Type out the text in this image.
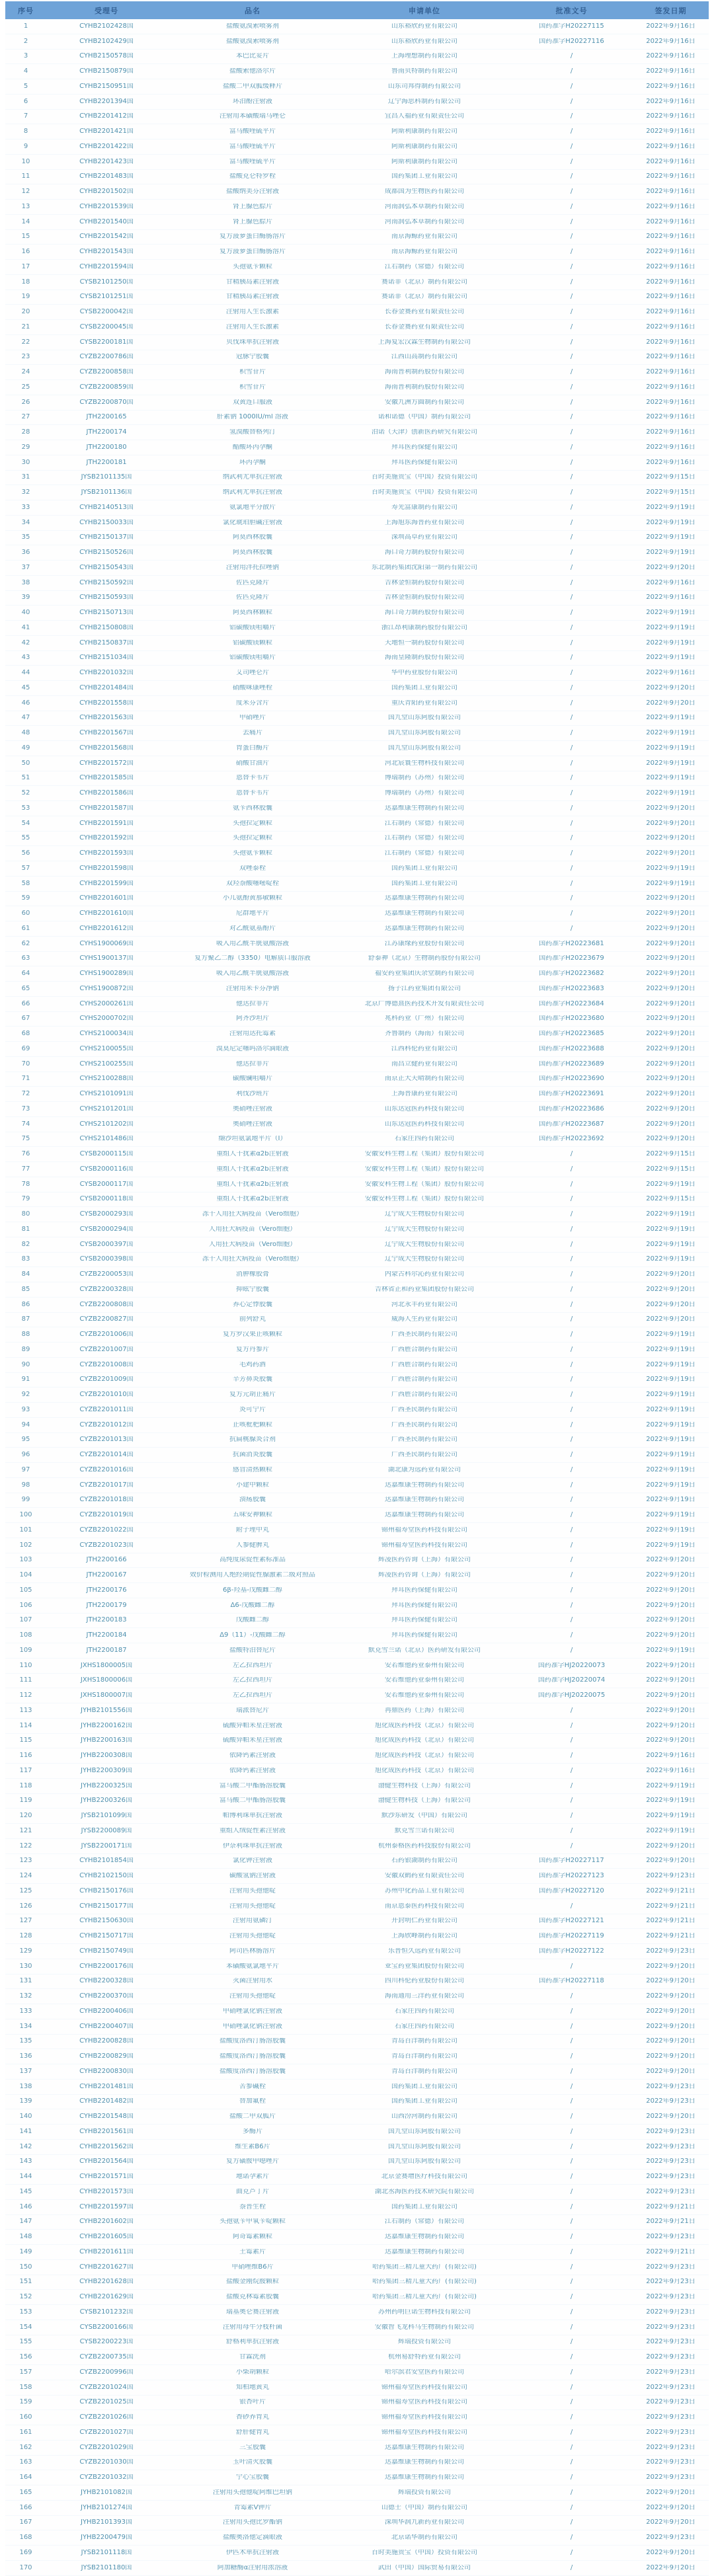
序号	受理号	品名	申请单位	批准文号	签发日期
1	CYHB2102428国	盐酸氨溴索喷雾剂	山东裕欣药业有限公司	国药准字H20227115	2022年9月16日
2	CYHB2102429国	盐酸氨溴索喷雾剂	山东裕欣药业有限公司	国药准字H20227116	2022年9月16日
3	CYHB2150578国	苯巴比妥片	上海理想制药有限公司	/	2022年9月16日
4	CYHB2150879国	盐酸索他洛尔片	鲁南贝特制药有限公司	/	2022年9月16日
5	CYHB2150951国	盐酸二甲双胍缓释片	山东司邦得制药有限公司	/	2022年9月16日
6	CYHB2201394国	环泊酚注射液	辽宁海思科制药有限公司	/	2022年9月16日
7	CYHB2201412国	注射用苯磺酸瑞马唑仑	宜昌人福药业有限责任公司	/	2022年9月16日
8	CYHB2201421国	富马酸喹硫平片	阿斯利康制药有限公司	/	2022年9月16日
9	CYHB2201422国	富马酸喹硫平片	阿斯利康制药有限公司	/	2022年9月16日
10	CYHB2201423国	富马酸喹硫平片	阿斯利康制药有限公司	/	2022年9月16日
11	CYHB2201483国	盐酸克仑特罗栓	国药集团工业有限公司	/	2022年9月16日
12	CYHB2201502国	盐酸纳美芬注射液	成都国为生物医药有限公司	/	2022年9月16日
13	CYHB2201539国	肾上腺色腙片	河南润弘本草制药有限公司	/	2022年9月16日
14	CYHB2201540国	肾上腺色腙片	河南润弘本草制药有限公司	/	2022年9月16日
15	CYHB2201542国	复方菠萝蛋白酶肠溶片	南京海鲸药业有限公司	/	2022年9月16日
16	CYHB2201543国	复方菠萝蛋白酶肠溶片	南京海鲸药业有限公司	/	2022年9月16日
17	CYHB2201594国	头孢氨苄颗粒	江右制药（常德）有限公司	/	2022年9月16日
18	CYSB2101250国	甘精胰岛素注射液	赛诺菲（北京）制药有限公司	/	2022年9月16日
19	CYSB2101251国	甘精胰岛素注射液	赛诺菲（北京）制药有限公司	/	2022年9月16日
20	CYSB2200042国	注射用人生长激素	长春金赛药业有限责任公司	/	2022年9月16日
21	CYSB2200045国	注射用人生长激素	长春金赛药业有限责任公司	/	2022年9月16日
22	CYSB2200181国	贝伐珠单抗注射液	上海复宏汉霖生物制药有限公司	/	2022年9月16日
23	CYZB2200786国	冠脉宁胶囊	江西山高制药有限公司	/	2022年9月16日
24	CYZB2200858国	积雪苷片	海南普利制药股份有限公司	/	2022年9月16日
25	CYZB2200859国	积雪苷片	海南普利制药股份有限公司	/	2022年9月16日
26	CYZB2200870国	双黄连口服液	安徽九洲方圆制药有限公司	/	2022年9月16日
27	JTH2200165	肝素钠 1000IU/ml 溶液	诺和诺德（中国）制药有限公司	/	2022年9月16日
28	JTH2200174	氢溴酸替格列汀	泊诺（天津）创新医药研究有限公司	/	2022年9月16日
29	JTH2200180	醋酸环丙孕酮	拜耳医药保健有限公司	/	2022年9月16日
30	JTH2200181	环丙孕酮	拜耳医药保健有限公司	/	2022年9月16日
31	JYSB2101135国	纳武利尤单抗注射液	百时美施贵宝（中国）投资有限公司	/	2022年9月15日
32	JYSB2101136国	纳武利尤单抗注射液	百时美施贵宝（中国）投资有限公司	/	2022年9月15日
33	CYHB2140513国	氨氯地平分散片	寿光富康制药有限公司	/	2022年9月19日
34	CYHB2150033国	氯化琥珀胆碱注射液	上海旭东海普药业有限公司	/	2022年9月19日
35	CYHB2150137国	阿莫西林胶囊	深圳高卓药业有限公司	/	2022年9月19日
36	CYHB2150526国	阿莫西林胶囊	海口奇力制药股份有限公司	/	2022年9月19日
37	CYHB2150543国	注射用泮托拉唑钠	东北制药集团沈阳第一制药有限公司	/	2022年9月20日
38	CYHB2150592国	佐匹克隆片	吉林金恒制药股份有限公司	/	2022年9月16日
39	CYHB2150593国	佐匹克隆片	吉林金恒制药股份有限公司	/	2022年9月16日
40	CYHB2150713国	阿莫西林颗粒	海口奇力制药股份有限公司	/	2022年9月19日
41	CYHB2150808国	铝碳酸镁咀嚼片	浙江昂利康制药股份有限公司	/	2022年9月19日
42	CYHB2150837国	铝碳酸镁颗粒	天地恒一制药股份有限公司	/	2022年9月19日
43	CYHB2151034国	铝碳酸镁咀嚼片	海南皇隆制药股份有限公司	/	2022年9月19日
44	CYHB2201032国	艾司唑仑片	华中药业股份有限公司	/	2022年9月16日
45	CYHB2201484国	硝酸咪康唑栓	国药集团工业有限公司	/	2022年9月20日
46	CYHB2201558国	度米芬含片	重庆青阳药业有限公司	/	2022年9月20日
47	CYHB2201563国	甲硝唑片	国九堂山东阿胶有限公司	/	2022年9月19日
48	CYHB2201567国	去痛片	国九堂山东阿胶有限公司	/	2022年9月19日
49	CYHB2201568国	胃蛋白酶片	国九堂山东阿胶有限公司	/	2022年9月19日
50	CYHB2201572国	硝酸甘油片	河北宸寰生物科技有限公司	/	2022年9月19日
51	CYHB2201585国	恩替卡韦片	博瑞制药（苏州）有限公司	/	2022年9月19日
52	CYHB2201586国	恩替卡韦片	博瑞制药（苏州）有限公司	/	2022年9月19日
53	CYHB2201587国	氨苄西林胶囊	达嘉维康生物制药有限公司	/	2022年9月20日
54	CYHB2201591国	头孢拉定颗粒	江右制药（常德）有限公司	/	2022年9月20日
55	CYHB2201592国	头孢拉定颗粒	江右制药（常德）有限公司	/	2022年9月20日
56	CYHB2201593国	头孢氨苄颗粒	江右制药（常德）有限公司	/	2022年9月20日
57	CYHB2201598国	双唑泰栓	国药集团工业有限公司	/	2022年9月19日
58	CYHB2201599国	双羟萘酸噻嘧啶栓	国药集团工业有限公司	/	2022年9月19日
59	CYHB2201601国	小儿氨酚黄那敏颗粒	达嘉维康生物制药有限公司	/	2022年9月20日
60	CYHB2201610国	尼群地平片	达嘉维康生物制药有限公司	/	2022年9月20日
61	CYHB2201612国	对乙酰氨基酚片	达嘉维康生物制药有限公司	/	2022年9月20日
62	CYHS1900069国	吸入用乙酰半胱氨酸溶液	江苏康缘药业股份有限公司	国药准字H20223681	2022年9月20日
63	CYHS1900137国	复方聚乙二醇（3350）电解质口服溶液	舒泰神（北京）生物制药股份有限公司	国药准字H20223679	2022年9月20日
64	CYHS1900289国	吸入用乙酰半胱氨酸溶液	福安药业集团庆余堂制药有限公司	国药准字H20223682	2022年9月20日
65	CYHS1900872国	注射用米卡芬净钠	扬子江药业集团有限公司	国药准字H20223683	2022年9月20日
66	CYHS2000261国	他达拉非片	北京广博德熹医药技术开发有限责任公司	国药准字H20223684	2022年9月20日
67	CYHS2000702国	阿齐沙坦片	兆科药业（广州）有限公司	国药准字H20223680	2022年9月20日
68	CYHS2100034国	注射用达托霉素	齐鲁制药（海南）有限公司	国药准字H20223685	2022年9月20日
69	CYHS2100055国	溴莫尼定噻吗洛尔滴眼液	江西科伦药业有限公司	国药准字H20223688	2022年9月20日
70	CYHS2100255国	他达拉非片	南昌立健药业有限公司	国药准字H20223689	2022年9月20日
71	CYHS2100288国	碳酸镧咀嚼片	南京正大天晴制药有限公司	国药准字H20223690	2022年9月20日
72	CYHS2101091国	利伐沙班片	上海普康药业有限公司	国药准字H20223691	2022年9月20日
73	CYHS2101201国	奥硝唑注射液	山东达冠医药科技有限公司	国药准字H20223686	2022年9月20日
74	CYHS2101202国	奥硝唑注射液	山东达冠医药科技有限公司	国药准字H20223687	2022年9月20日
75	CYHS2101486国	缬沙坦氨氯地平片（Ⅰ）	石家庄四药有限公司	国药准字H20223692	2022年9月20日
76	CYSB2000115国	重组人干扰素α2b注射液	安徽安科生物工程（集团）股份有限公司	/	2022年9月15日
77	CYSB2000116国	重组人干扰素α2b注射液	安徽安科生物工程（集团）股份有限公司	/	2022年9月15日
78	CYSB2000117国	重组人干扰素α2b注射液	安徽安科生物工程（集团）股份有限公司	/	2022年9月19日
79	CYSB2000118国	重组人干扰素α2b注射液	安徽安科生物工程（集团）股份有限公司	/	2022年9月15日
80	CYSB2000293国	冻干人用狂犬病疫苗（Vero细胞）	辽宁成大生物股份有限公司	/	2022年9月19日
81	CYSB2000294国	人用狂犬病疫苗（Vero细胞）	辽宁成大生物股份有限公司	/	2022年9月19日
82	CYSB2000397国	人用狂犬病疫苗（Vero细胞）	辽宁成大生物股份有限公司	/	2022年9月19日
83	CYSB2000398国	冻干人用狂犬病疫苗（Vero细胞）	辽宁成大生物股份有限公司	/	2022年9月19日
84	CYZB2200053国	消肿橡胶膏	内蒙古科尔沁药业有限公司	/	2022年9月20日
85	CYZB2200328国	抑眩宁胶囊	吉林省正和药业集团股份有限公司	/	2022年9月20日
86	CYZB2200808国	养心定悸胶囊	河北永丰药业有限公司	/	2022年9月20日
87	CYZB2200827国	前列舒丸	威海人生药业有限公司	/	2022年9月20日
88	CYZB2201006国	复方罗汉果止咳颗粒	广西圣民制药有限公司	/	2022年9月19日
89	CYZB2201007国	复方丹参片	广西胜合制药有限公司	/	2022年9月19日
90	CYZB2201008国	毛鸡药酒	广西胜合制药有限公司	/	2022年9月19日
91	CYZB2201009国	辛芳鼻炎胶囊	广西胜合制药有限公司	/	2022年9月19日
92	CYZB2201010国	复方元胡止痛片	广西胜合制药有限公司	/	2022年9月19日
93	CYZB2201011国	炎可宁片	广西圣民制药有限公司	/	2022年9月19日
94	CYZB2201012国	止咳枇杷颗粒	广西圣民制药有限公司	/	2022年9月19日
95	CYZB2201013国	抗扁桃腺炎合剂	广西圣民制药有限公司	/	2022年9月19日
96	CYZB2201014国	抗菌消炎胶囊	广西圣民制药有限公司	/	2022年9月19日
97	CYZB2201016国	感冒清热颗粒	湖北康为远药业有限公司	/	2022年9月19日
98	CYZB2201017国	小建中颗粒	达嘉维康生物制药有限公司	/	2022年9月19日
99	CYZB2201018国	溃疡胶囊	达嘉维康生物制药有限公司	/	2022年9月19日
100	CYZB2201019国	五味安神颗粒	达嘉维康生物制药有限公司	/	2022年9月19日
101	CYZB2201022国	附子理中丸	锦州福寿堂医药科技有限公司	/	2022年9月19日
102	CYZB2201023国	人参健脾丸	锦州福寿堂医药科技有限公司	/	2022年9月19日
103	JTH2200166	高纯度尿促性素标准品	辉凌医药咨询（上海）有限公司	/	2022年9月20日
104	JTH2200167	效价检测用人绝经期促性腺激素二级对照品	辉凌医药咨询（上海）有限公司	/	2022年9月20日
105	JTH2200176	6β-羟基-戊酸雌二醇	拜耳医药保健有限公司	/	2022年9月20日
106	JTH2200179	Δ6-戊酸雌二醇	拜耳医药保健有限公司	/	2022年9月20日
107	JTH2200183	戊酸雌二醇	拜耳医药保健有限公司	/	2022年9月20日
108	JTH2200184	Δ9（11）-戊酸雌二醇	拜耳医药保健有限公司	/	2022年9月20日
109	JTH2200187	盐酸特泊替尼片	默克雪兰诺（北京）医药研发有限公司	/	2022年9月19日
110	JXHS1800005国	左乙拉西坦片	安若维他药业泰州有限公司	国药准字HJ20220073	2022年9月20日
111	JXHS1800006国	左乙拉西坦片	安若维他药业泰州有限公司	国药准字HJ20220074	2022年9月20日
112	JXHS1800007国	左乙拉西坦片	安若维他药业泰州有限公司	国药准字HJ20220075	2022年9月20日
113	JYHB2101556国	瑞派替尼片	再鼎医药（上海）有限公司	/	2022年9月20日
114	JYHB2200162国	硫酸异帕米星注射液	旭化成医药科技（北京）有限公司	/	2022年9月20日
115	JYHB2200163国	硫酸异帕米星注射液	旭化成医药科技（北京）有限公司	/	2022年9月20日
116	JYHB2200308国	依降钙素注射液	旭化成医药科技（北京）有限公司	/	2022年9月16日
117	JYHB2200309国	依降钙素注射液	旭化成医药科技（北京）有限公司	/	2022年9月16日
118	JYHB2200325国	富马酸二甲酯肠溶胶囊	渤健生物科技（上海）有限公司	/	2022年9月19日
119	JYHB2200326国	富马酸二甲酯肠溶胶囊	渤健生物科技（上海）有限公司	/	2022年9月19日
120	JYSB2101099国	帕博利珠单抗注射液	默沙东研发（中国）有限公司	/	2022年9月19日
121	JYSB2200089国	重组人绒促性素注射液	默克雪兰诺有限公司	/	2022年9月19日
122	JYSB2200171国	伊奈利珠单抗注射液	杭州泰格医药科技股份有限公司	/	2022年9月20日
123	CYHB2101854国	氯化钾注射液	石药银湖制药有限公司	国药准字H20227117	2022年9月20日
124	CYHB2102150国	碳酸氢钠注射液	安徽双鹤药业有限责任公司	国药准字H20227123	2022年9月23日
125	CYHB2150176国	注射用头孢他啶	苏州中化药品工业有限公司	国药准字H20227120	2022年9月21日
126	CYHB2150177国	注射用头孢他啶	南京恩泰医药科技有限公司	/	2022年9月21日
127	CYHB2150630国	注射用氨磷汀	开封明仁药业有限公司	国药准字H20227121	2022年9月21日
128	CYHB2150717国	注射用头孢他啶	上海欣峰制药有限公司	国药准字H20227119	2022年9月21日
129	CYHB2150749国	阿司匹林肠溶片	乐普恒久远药业有限公司	国药准字H20227122	2022年9月23日
130	CYHB2200176国	苯磺酸氨氯地平片	亚宝药业集团股份有限公司	/	2022年9月20日
131	CYHB2200328国	灭菌注射用水	四川科伦药业股份有限公司	国药准字H20227118	2022年9月20日
132	CYHB2200370国	注射用头孢他啶	海南通用三洋药业有限公司	/	2022年9月20日
133	CYHB2200406国	甲硝唑氯化钠注射液	石家庄四药有限公司	/	2022年9月20日
134	CYHB2200407国	甲硝唑氯化钠注射液	石家庄四药有限公司	/	2022年9月20日
135	CYHB2200828国	盐酸度洛西汀肠溶胶囊	青岛百洋制药有限公司	/	2022年9月20日
136	CYHB2200829国	盐酸度洛西汀肠溶胶囊	青岛百洋制药有限公司	/	2022年9月20日
137	CYHB2200830国	盐酸度洛西汀肠溶胶囊	青岛百洋制药有限公司	/	2022年9月20日
138	CYHB2201481国	苦参碱栓	国药集团工业有限公司	/	2022年9月23日
139	CYHB2201482国	替加氟栓	国药集团工业有限公司	/	2022年9月23日
140	CYHB2201548国	盐酸二甲双胍片	山西汾河制药有限公司	/	2022年9月20日
141	CYHB2201561国	多酶片	国九堂山东阿胶有限公司	/	2022年9月23日
142	CYHB2201562国	维生素B6片	国九堂山东阿胶有限公司	/	2022年9月23日
143	CYHB2201564国	复方磺胺甲噁唑片	国九堂山东阿胶有限公司	/	2022年9月23日
144	CYHB2201571国	地诺孕素片	北京金赛增医疗科技有限公司	/	2022年9月23日
145	CYHB2201573国	曲克芦丁片	湖北丞海医药技术研究院有限公司	/	2022年9月23日
146	CYHB2201597国	萘普生栓	国药集团工业有限公司	/	2022年9月21日
147	CYHB2201602国	头孢氨苄甲氧苄啶颗粒	江右制药（常德）有限公司	/	2022年9月21日
148	CYHB2201605国	阿奇霉素颗粒	达嘉维康生物制药有限公司	/	2022年9月23日
149	CYHB2201611国	土霉素片	达嘉维康生物制药有限公司	/	2022年9月21日
150	CYHB2201627国	甲硝唑维B6片	哈药集团三精儿童大药厂(有限公司)	/	2022年9月23日
151	CYHB2201628国	盐酸金刚烷胺颗粒	哈药集团三精儿童大药厂(有限公司)	/	2022年9月23日
152	CYHB2201629国	盐酸克林霉素胶囊	哈药集团三精儿童大药厂(有限公司)	/	2022年9月23日
153	CYSB2101232国	瑞基奥仑赛注射液	苏州药明巨诺生物科技有限公司	/	2022年9月23日
154	CYSB2200166国	注射用母牛分枝杆菌	安徽智飞龙科马生物制药有限公司	/	2022年9月23日
155	CYSB2200223国	舒格利单抗注射液	辉瑞投资有限公司	/	2022年9月23日
156	CYZB2200735国	甘霖洗剂	杭州易舒特药业有限公司	/	2022年9月23日
157	CYZB2200996国	小柴胡颗粒	哈尔滨君安堂医药有限公司	/	2022年9月23日
158	CYZB2201024国	知柏地黄丸	锦州福寿堂医药科技有限公司	/	2022年9月23日
159	CYZB2201025国	银杏叶片	锦州福寿堂医药科技有限公司	/	2022年9月23日
160	CYZB2201026国	香砂养胃丸	锦州福寿堂医药科技有限公司	/	2022年9月23日
161	CYZB2201027国	舒肝健胃丸	锦州福寿堂医药科技有限公司	/	2022年9月23日
162	CYZB2201029国	三宝胶囊	达嘉维康生物制药有限公司	/	2022年9月23日
163	CYZB2201030国	玉叶清火胶囊	达嘉维康生物制药有限公司	/	2022年9月23日
164	CYZB2201032国	宁心宝胶囊	达嘉维康生物制药有限公司	/	2022年9月23日
165	JYHB2101082国	注射用头孢他啶阿维巴坦钠	辉瑞投资有限公司	/	2022年9月20日
166	JYHB2101274国	青霉素V钾片	山德士（中国）制药有限公司	/	2022年9月20日
167	JYHB2101393国	注射用头孢比罗酯钠	深圳华润九新药业有限公司	/	2022年9月20日
168	JYHB2200479国	盐酸奥洛他定滴眼液	北京诺华制药有限公司	/	2022年9月23日
169	JYSB2101118国	伊匹木单抗注射液	百时美施贵宝（中国）投资有限公司	/	2022年9月20日
170	JYSB2101180国	阿加糖酶α注射用浓溶液	武田（中国）国际贸易有限公司	/	2022年9月20日
